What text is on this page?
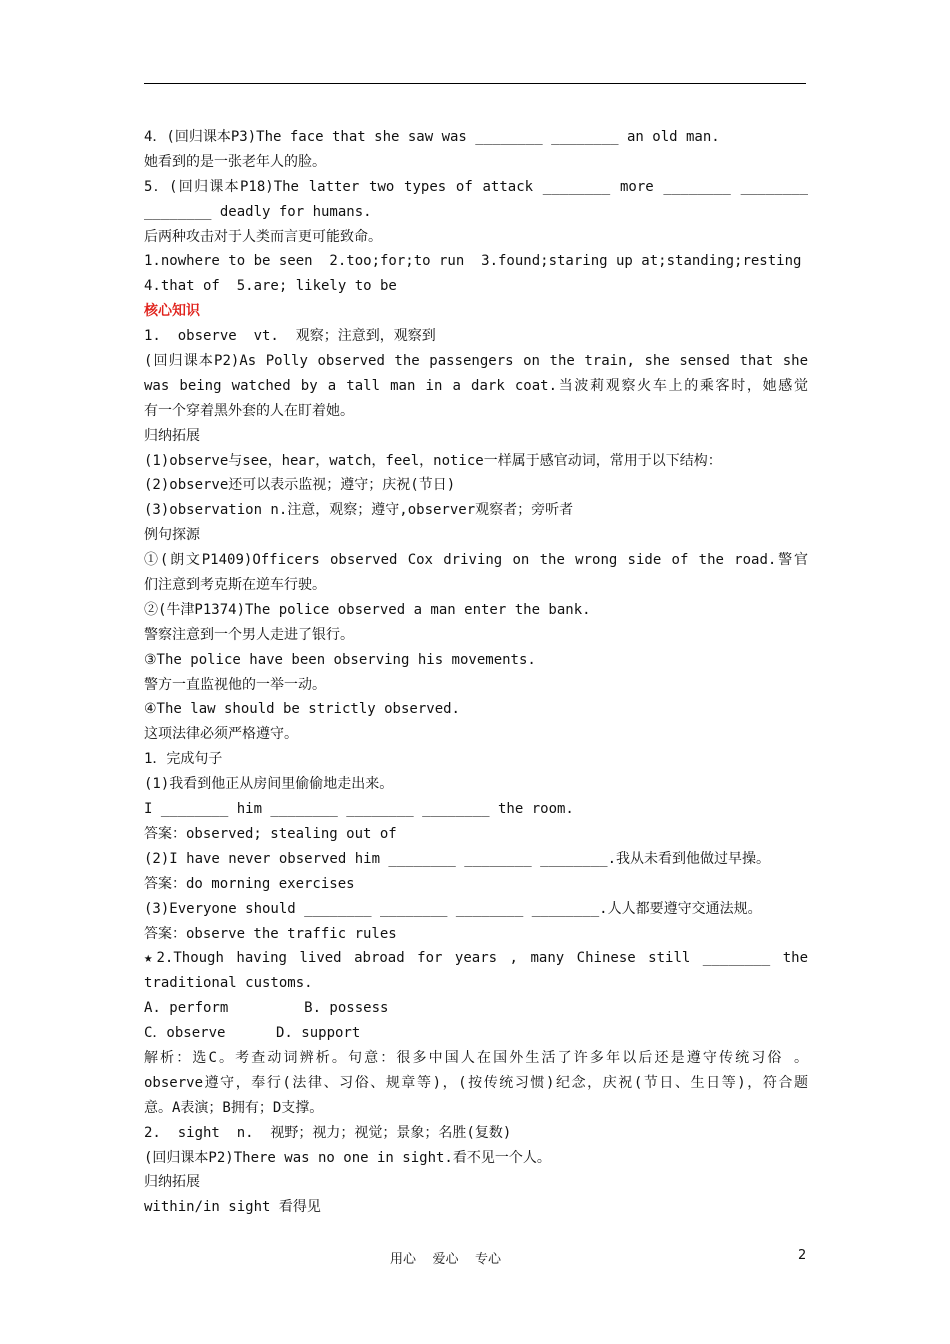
4．(回归课本P3)The face that she saw was ________ ________ an old man.
她看到的是一张老年人的脸。
5．(回归课本P18)The latter two types of attack ________ more ________ ________
________ deadly for humans.
后两种攻击对于人类而言更可能致命。
1.nowhere to be seen  2.too;for;to run  3.found;staring up at;standing;resting
4.that of  5.are; likely to be
核心知识
1.  observe  vt.  观察；注意到，观察到
(回归课本P2)As Polly observed the passengers on the train, she sensed that she
was being watched by a tall man in a dark coat.当波莉观察火车上的乘客时，她感觉
有一个穿着黑外套的人在盯着她。
归纳拓展
(1)observe与see，hear，watch，feel，notice一样属于感官动词，常用于以下结构：
(2)observe还可以表示监视；遵守；庆祝(节日)
(3)observation n.注意，观察；遵守,observer观察者；旁听者
例句探源
①(朗文P1409)Officers observed Cox driving on the wrong side of the road.警官
们注意到考克斯在逆车行驶。
②(牛津P1374)The police observed a man enter the bank.
警察注意到一个男人走进了银行。
③The police have been observing his movements.
警方一直监视他的一举一动。
④The law should be strictly observed.
这项法律必须严格遵守。
1．完成句子
(1)我看到他正从房间里偷偷地走出来。
I ________ him ________ ________ ________ the room.
答案：observed; stealing out of
(2)I have never observed him ________ ________ ________.我从未看到他做过早操。
答案：do morning exercises
(3)Everyone should ________ ________ ________ ________.人人都要遵守交通法规。
答案：observe the traffic rules
★2.Though having lived abroad for years , many Chinese still ________ the
traditional customs.
A. perform         B. possess
C．observe      D. support
解析：选C。考查动词辨析。句意：很多中国人在国外生活了许多年以后还是遵守传统习俗 。
observe遵守，奉行(法律、习俗、规章等)，(按传统习惯)纪念，庆祝(节日、生日等)，符合题
意。A表演；B拥有；D支撑。
2.  sight  n.  视野；视力；视觉；景象；名胜(复数)
(回归课本P2)There was no one in sight.看不见一个人。
归纳拓展
within/in sight 看得见
用心    爱心    专心	2
